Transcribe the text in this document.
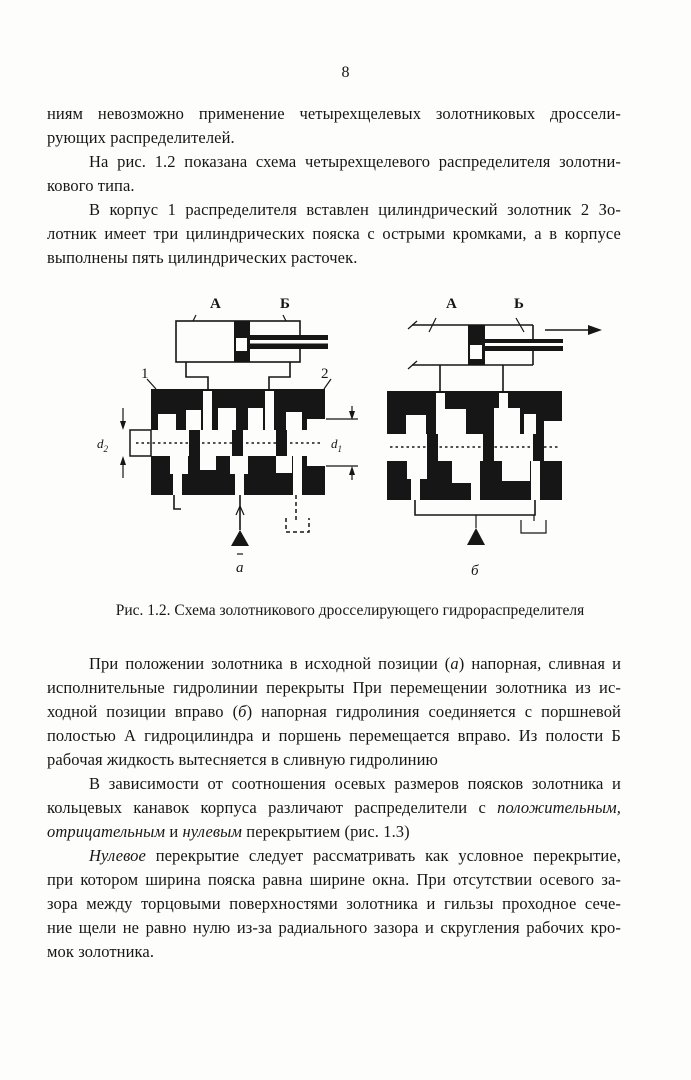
8
ниям невозможно применение четырехщелевых золотниковых дроссели-
рующих распределителей.
На рис. 1.2 показана схема четырехщелевого распределителя золотни-
кового типа.
В корпус 1 распределителя вставлен цилиндрический золотник 2 Зо-
лотник имеет три цилиндрических пояска с острыми кромками, а в корпусе
выполнены пять цилиндрических расточек.
А	Б
1	2
$d_2$	$d_1$
а
А	Ь
б
Рис. 1.2. Схема золотникового дросселирующего гидрораспределителя
При положении золотника в исходной позиции (а) напорная, сливная и
исполнительные гидролинии перекрыты При перемещении золотника из ис-
ходной позиции вправо (б) напорная гидролиния соединяется с поршневой
полостью А гидроцилиндра и поршень перемещается вправо. Из полости Б
рабочая жидкость вытесняется в сливную гидролинию
В зависимости от соотношения осевых размеров поясков золотника и
кольцевых канавок корпуса различают распределители с положительным,
отрицательным и нулевым перекрытием (рис. 1.3)
Нулевое перекрытие следует рассматривать как условное перекрытие,
при котором ширина пояска равна ширине окна. При отсутствии осевого за-
зора между торцовыми поверхностями золотника и гильзы проходное сече-
ние щели не равно нулю из-за радиального зазора и скругления рабочих кро-
мок золотника.
